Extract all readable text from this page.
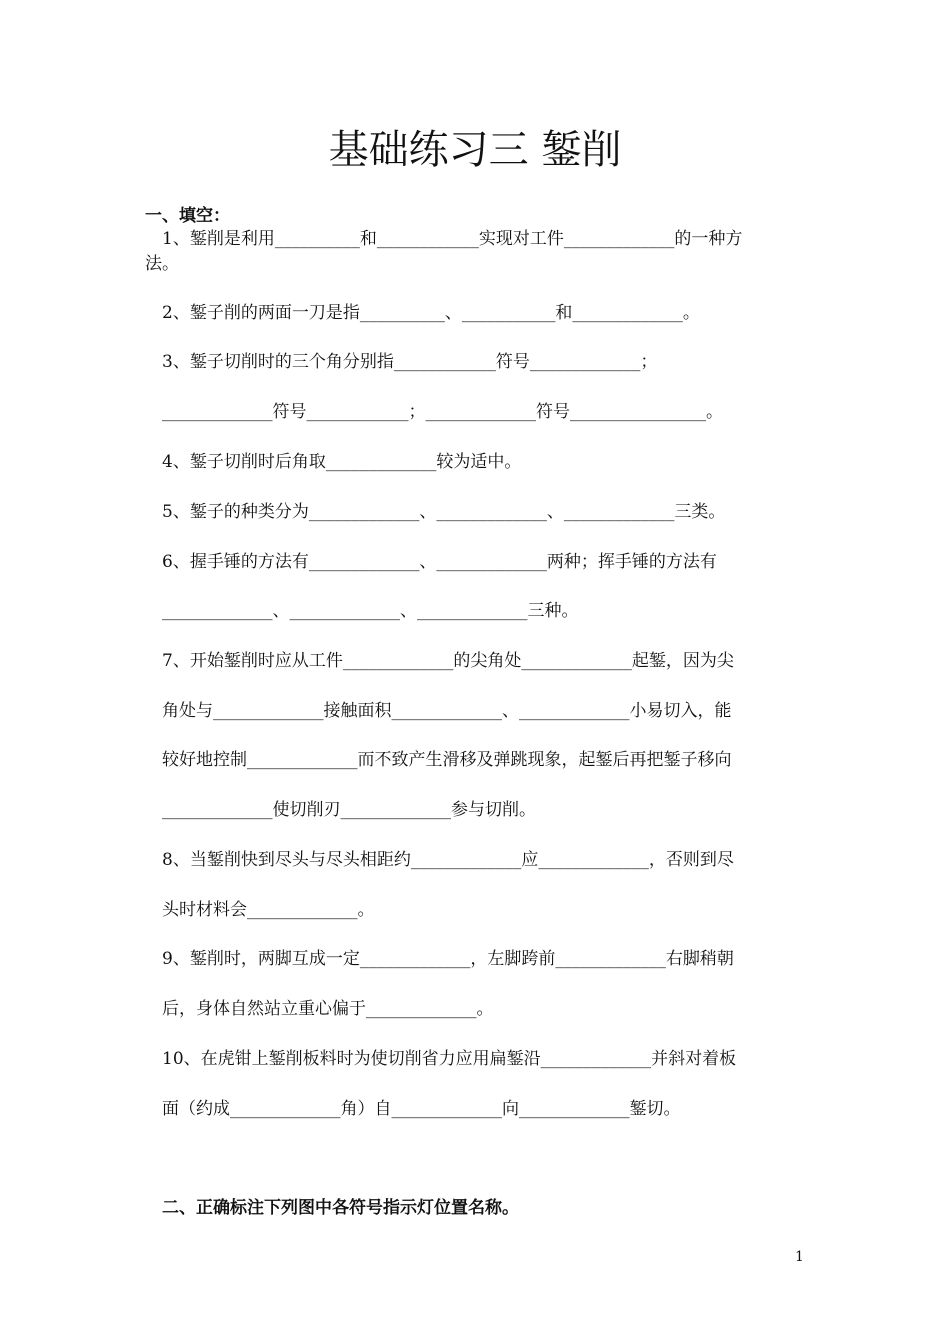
基础练习三 錾削
一、填空：
1、錾削是利用__________和____________实现对工件_____________的一种方
法。
2、錾子削的两面一刀是指__________、___________和_____________。
3、錾子切削时的三个角分别指____________符号_____________；
_____________符号____________；_____________符号________________。
4、錾子切削时后角取_____________较为适中。
5、錾子的种类分为_____________、_____________、_____________三类。
6、握手锤的方法有_____________、_____________两种；挥手锤的方法有
_____________、_____________、_____________三种。
7、开始錾削时应从工件_____________的尖角处_____________起錾，因为尖
角处与_____________接触面积_____________、_____________小易切入，能
较好地控制_____________而不致产生滑移及弹跳现象，起錾后再把錾子移向
_____________使切削刃_____________参与切削。
8、当錾削快到尽头与尽头相距约_____________应_____________，否则到尽
头时材料会_____________。
9、錾削时，两脚互成一定_____________，左脚跨前_____________右脚稍朝
后，身体自然站立重心偏于_____________。
10、在虎钳上錾削板料时为使切削省力应用扁錾沿_____________并斜对着板
面（约成_____________角）自_____________向_____________錾切。
二、正确标注下列图中各符号指示灯位置名称。
1
